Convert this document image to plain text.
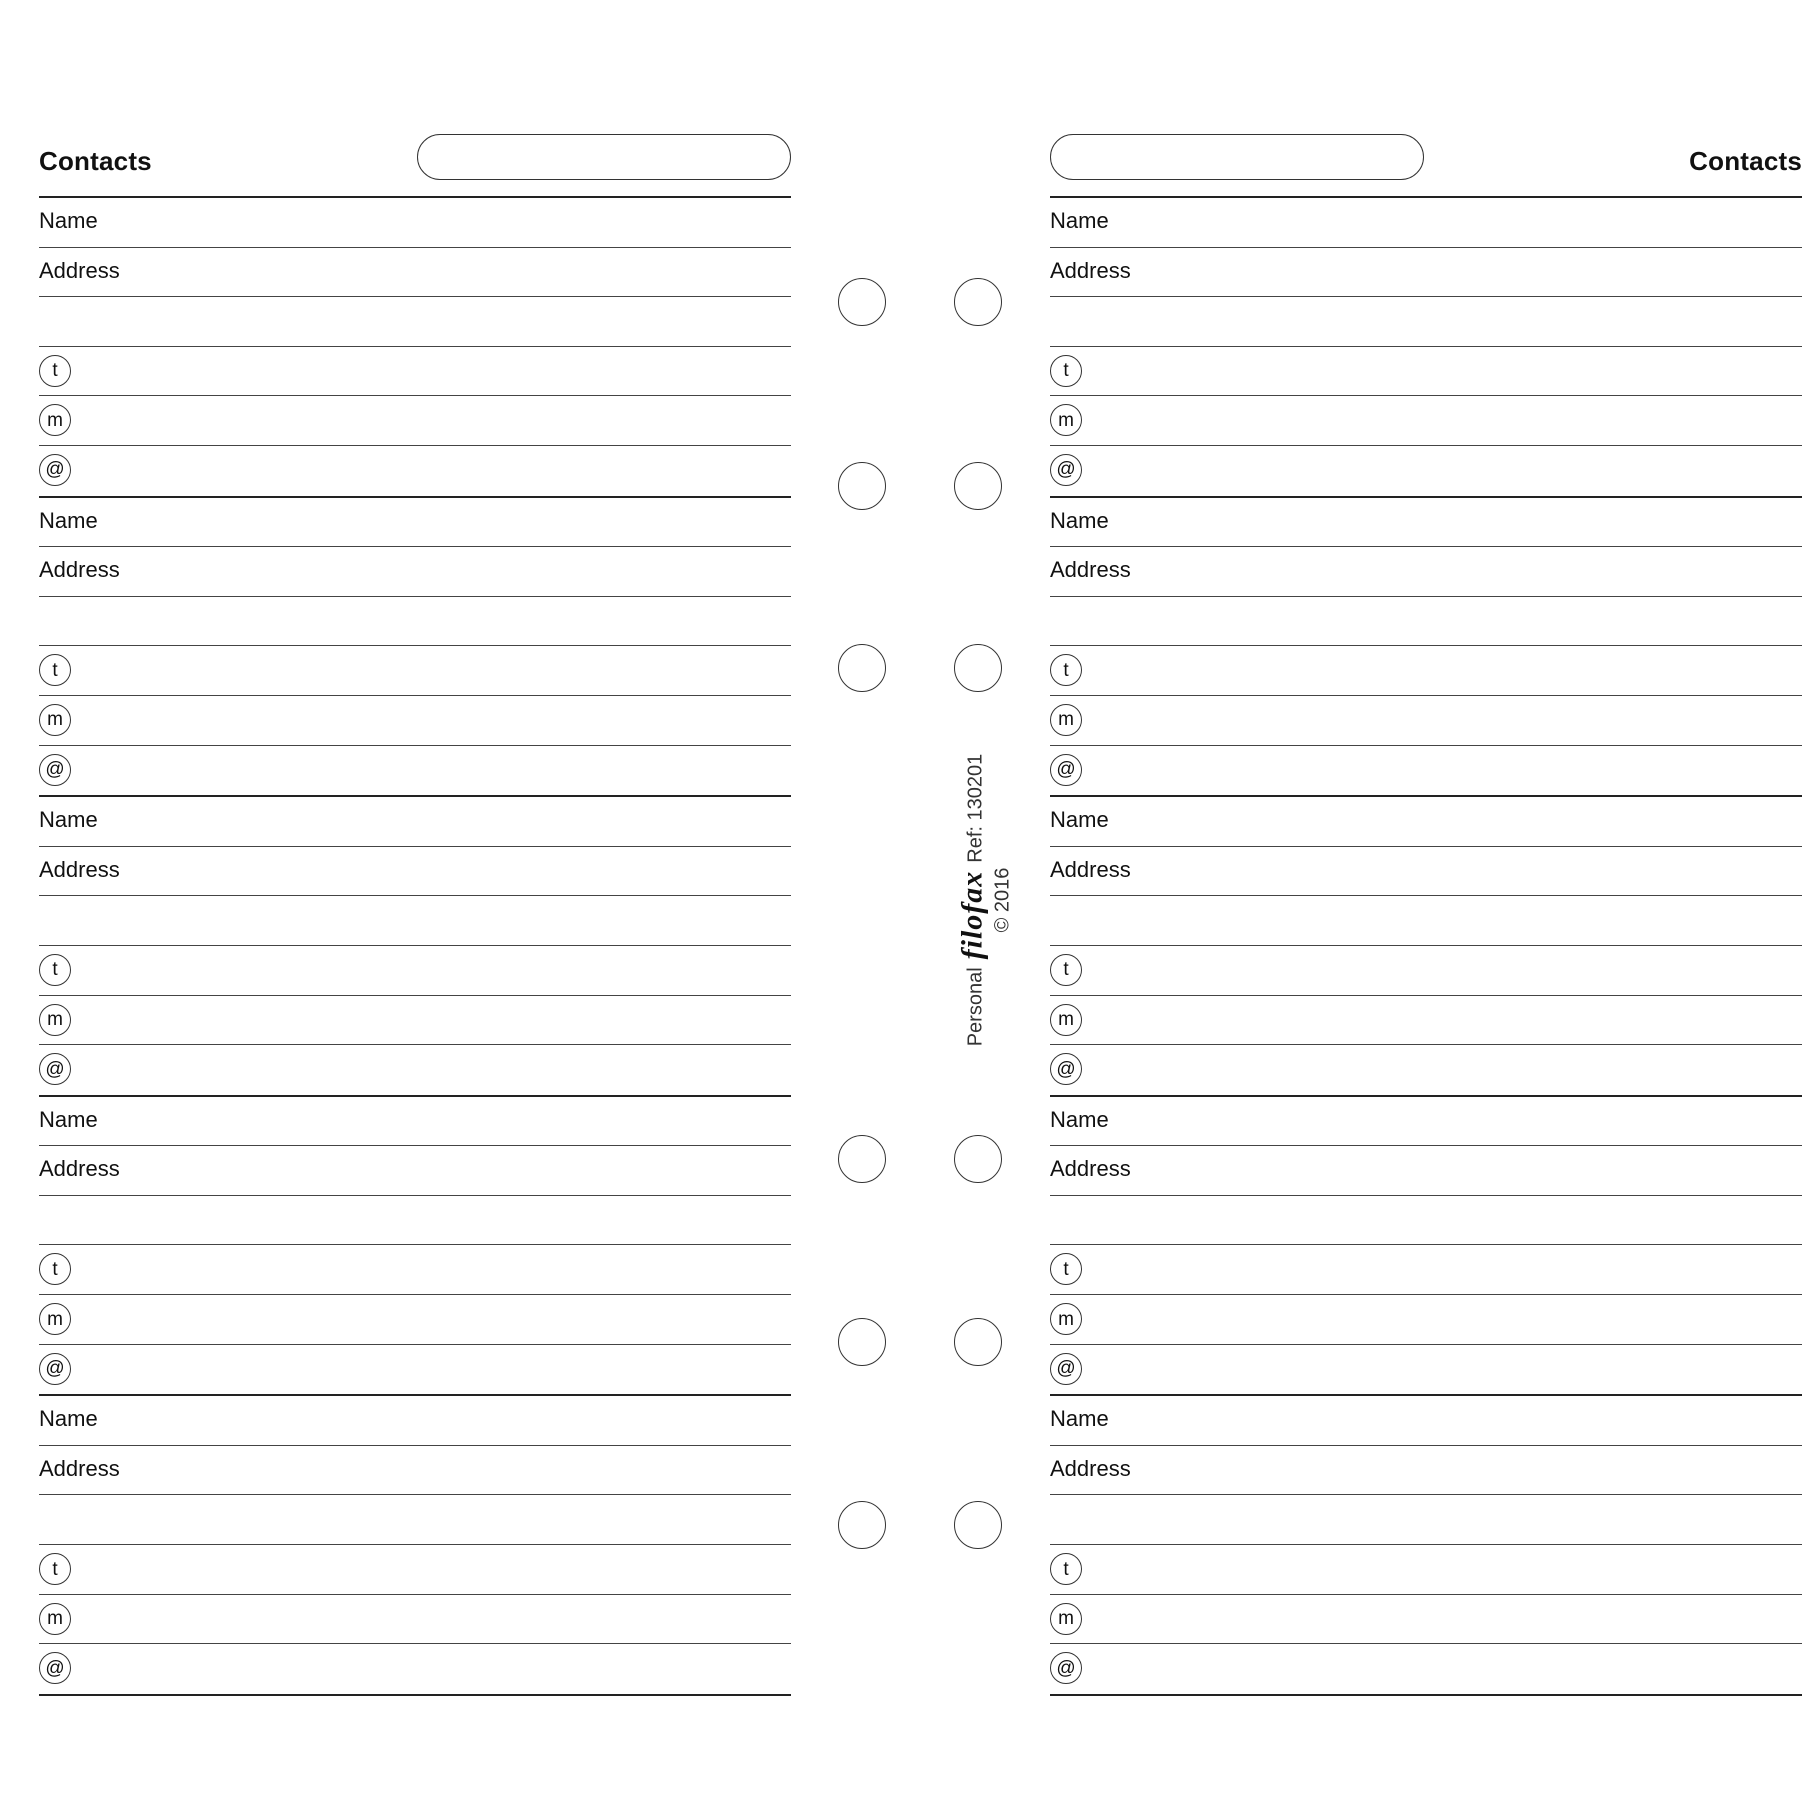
Contacts
Name
Address
t
m
@
Name
Address
t
m
@
Name
Address
t
m
@
Name
Address
t
m
@
Name
Address
t
m
@
Contacts
Name
Address
t
m
@
Name
Address
t
m
@
Name
Address
t
m
@
Name
Address
t
m
@
Name
Address
t
m
@
Personal
filofax
Ref: 130201
© 2016
